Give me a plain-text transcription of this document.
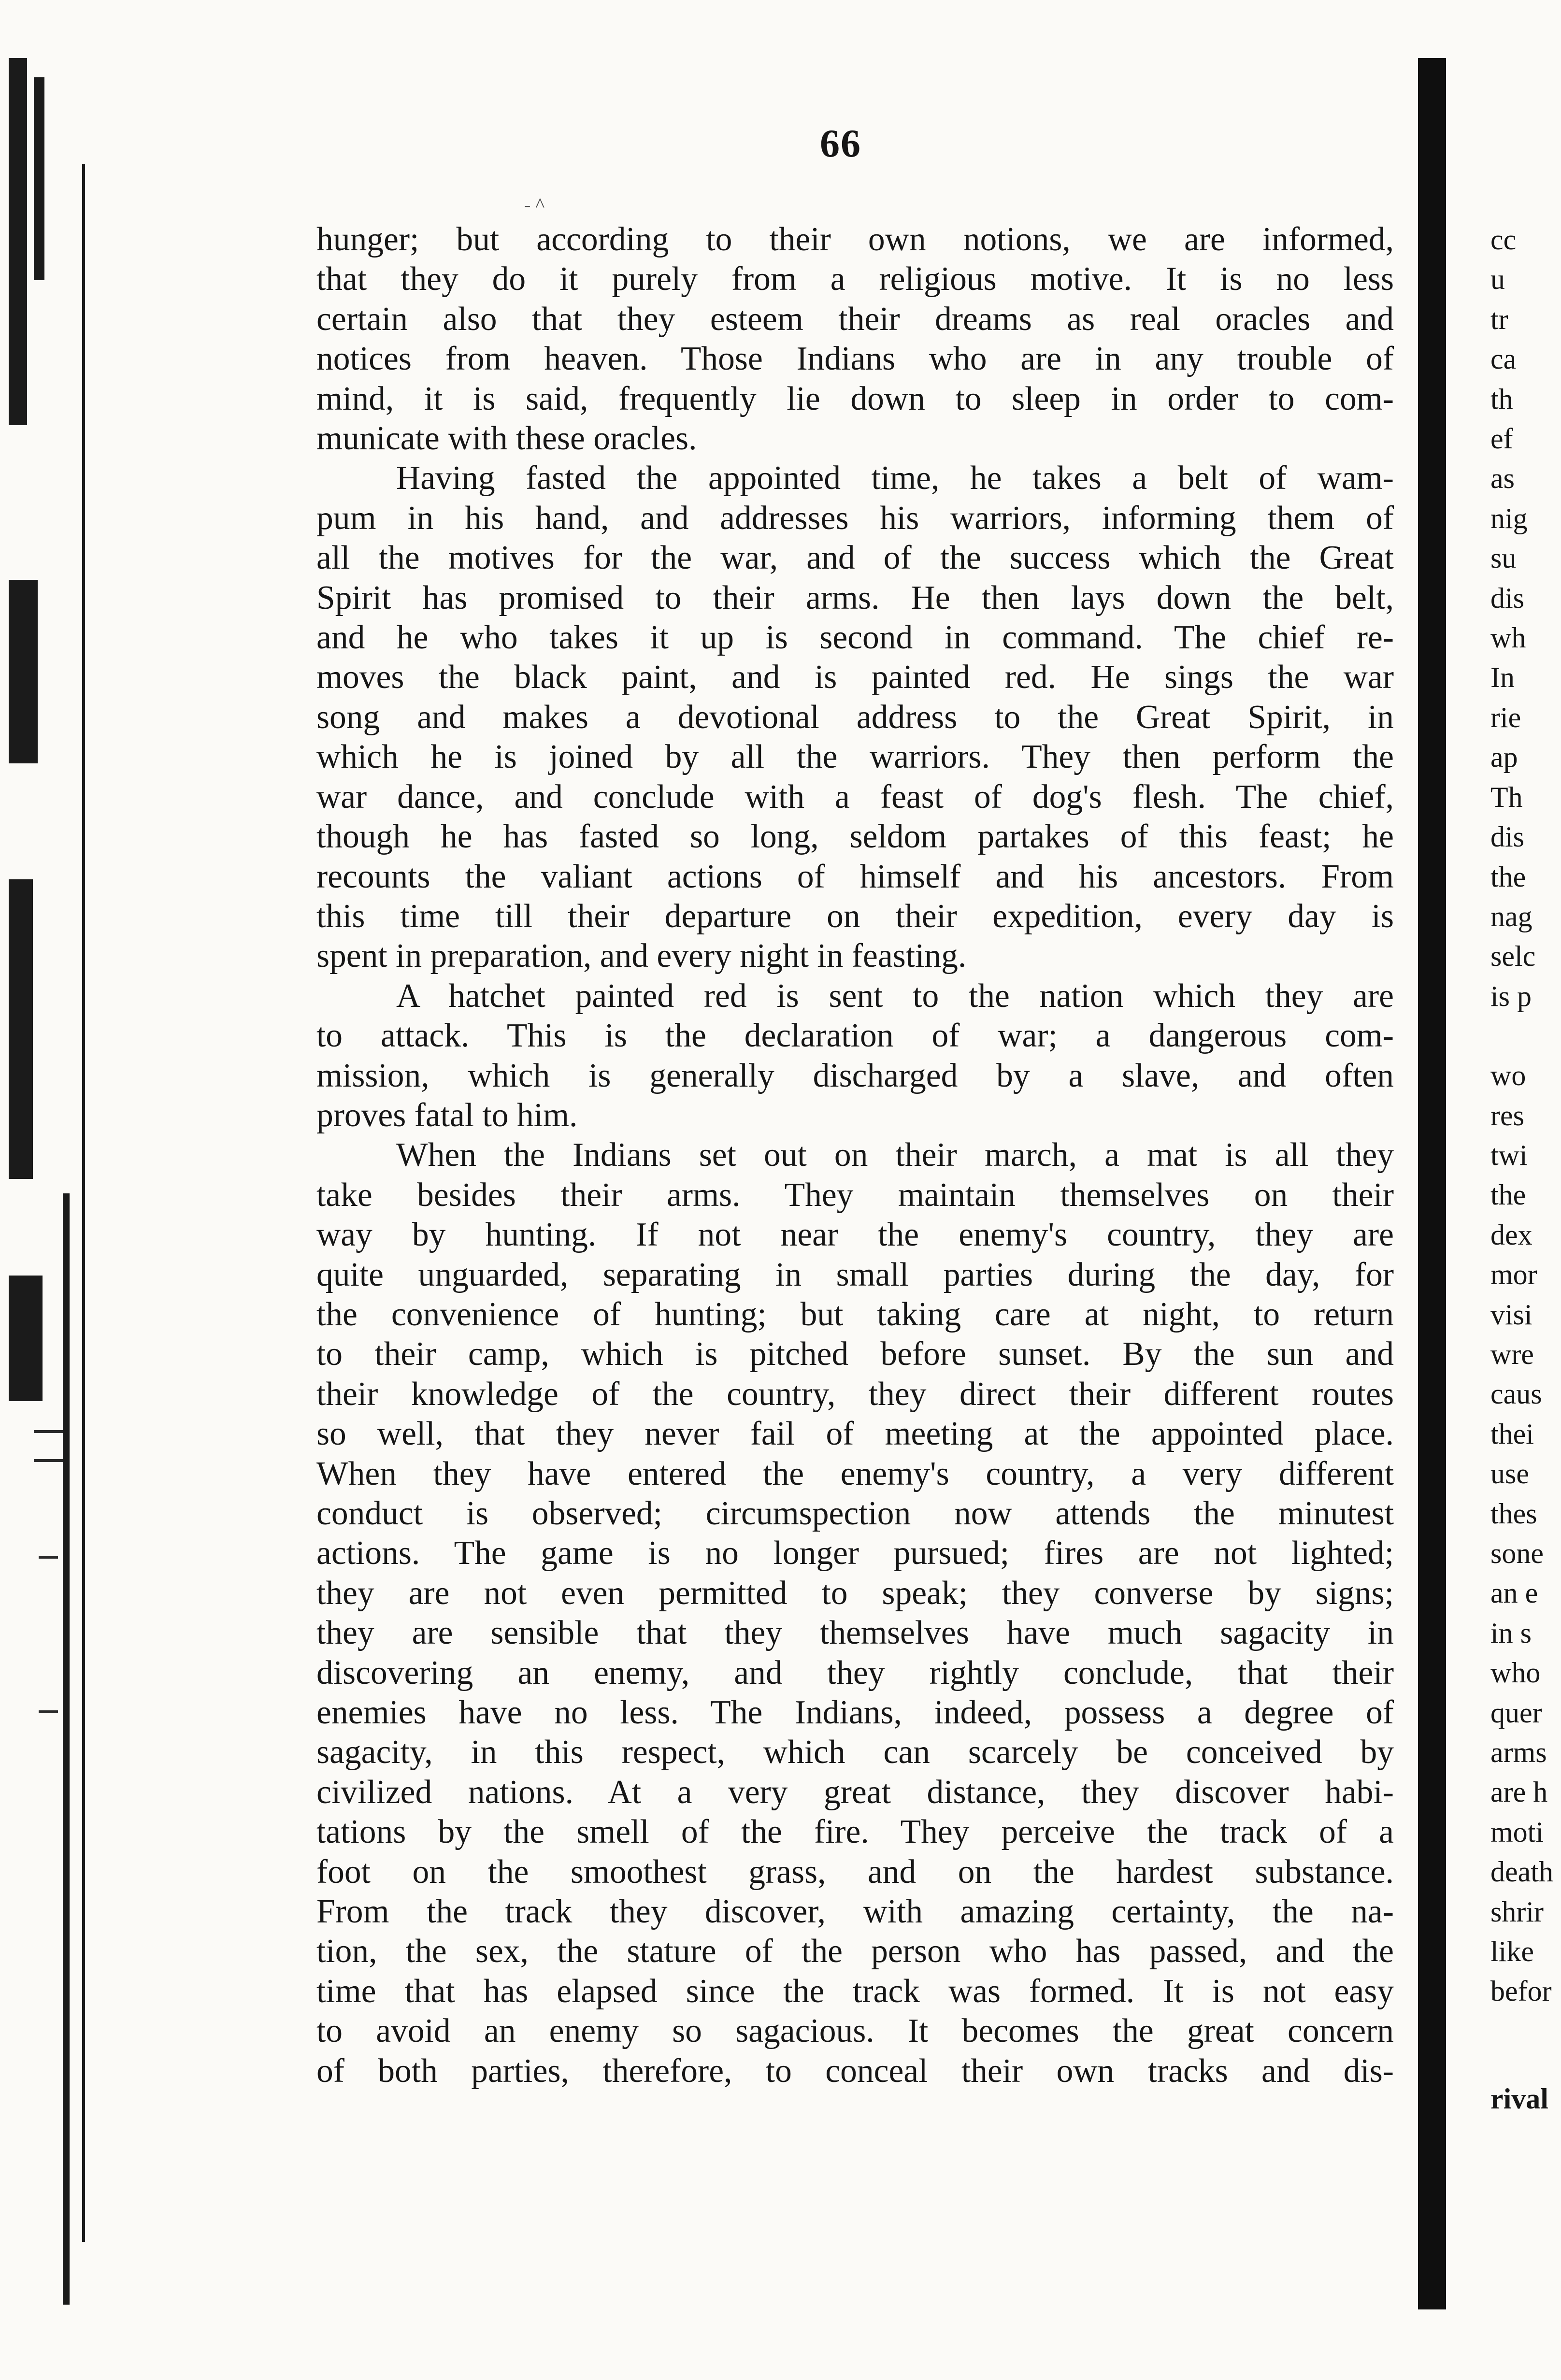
66
- ^
hunger; but according to their own notions, we are informed,
that they do it purely from a religious motive. It is no less
certain also that they esteem their dreams as real oracles and
notices from heaven. Those Indians who are in any trouble of
mind, it is said, frequently lie down to sleep in order to com-
municate with these oracles.
Having fasted the appointed time, he takes a belt of wam-
pum in his hand, and addresses his warriors, informing them of
all the motives for the war, and of the success which the Great
Spirit has promised to their arms. He then lays down the belt,
and he who takes it up is second in command. The chief re-
moves the black paint, and is painted red. He sings the war
song and makes a devotional address to the Great Spirit, in
which he is joined by all the warriors. They then perform the
war dance, and conclude with a feast of dog's flesh. The chief,
though he has fasted so long, seldom partakes of this feast; he
recounts the valiant actions of himself and his ancestors. From
this time till their departure on their expedition, every day is
spent in preparation, and every night in feasting.
A hatchet painted red is sent to the nation which they are
to attack. This is the declaration of war; a dangerous com-
mission, which is generally discharged by a slave, and often
proves fatal to him.
When the Indians set out on their march, a mat is all they
take besides their arms. They maintain themselves on their
way by hunting. If not near the enemy's country, they are
quite unguarded, separating in small parties during the day, for
the convenience of hunting; but taking care at night, to return
to their camp, which is pitched before sunset. By the sun and
their knowledge of the country, they direct their different routes
so well, that they never fail of meeting at the appointed place.
When they have entered the enemy's country, a very different
conduct is observed; circumspection now attends the minutest
actions. The game is no longer pursued; fires are not lighted;
they are not even permitted to speak; they converse by signs;
they are sensible that they themselves have much sagacity in
discovering an enemy, and they rightly conclude, that their
enemies have no less. The Indians, indeed, possess a degree of
sagacity, in this respect, which can scarcely be conceived by
civilized nations. At a very great distance, they discover habi-
tations by the smell of the fire. They perceive the track of a
foot on the smoothest grass, and on the hardest substance.
From the track they discover, with amazing certainty, the na-
tion, the sex, the stature of the person who has passed, and the
time that has elapsed since the track was formed. It is not easy
to avoid an enemy so sagacious. It becomes the great concern
of both parties, therefore, to conceal their own tracks and dis-
cc
u
tr
ca
th
ef
as
nig
su
dis
wh
In
rie
ap
Th
dis
the
nag
selc
is p
wo
res
twi
the
dex
mor
visi
wre
caus
thei
use
thes
sone
an e
in s
who
quer
arms
are h
moti
death
shrir
like
befor
rival
